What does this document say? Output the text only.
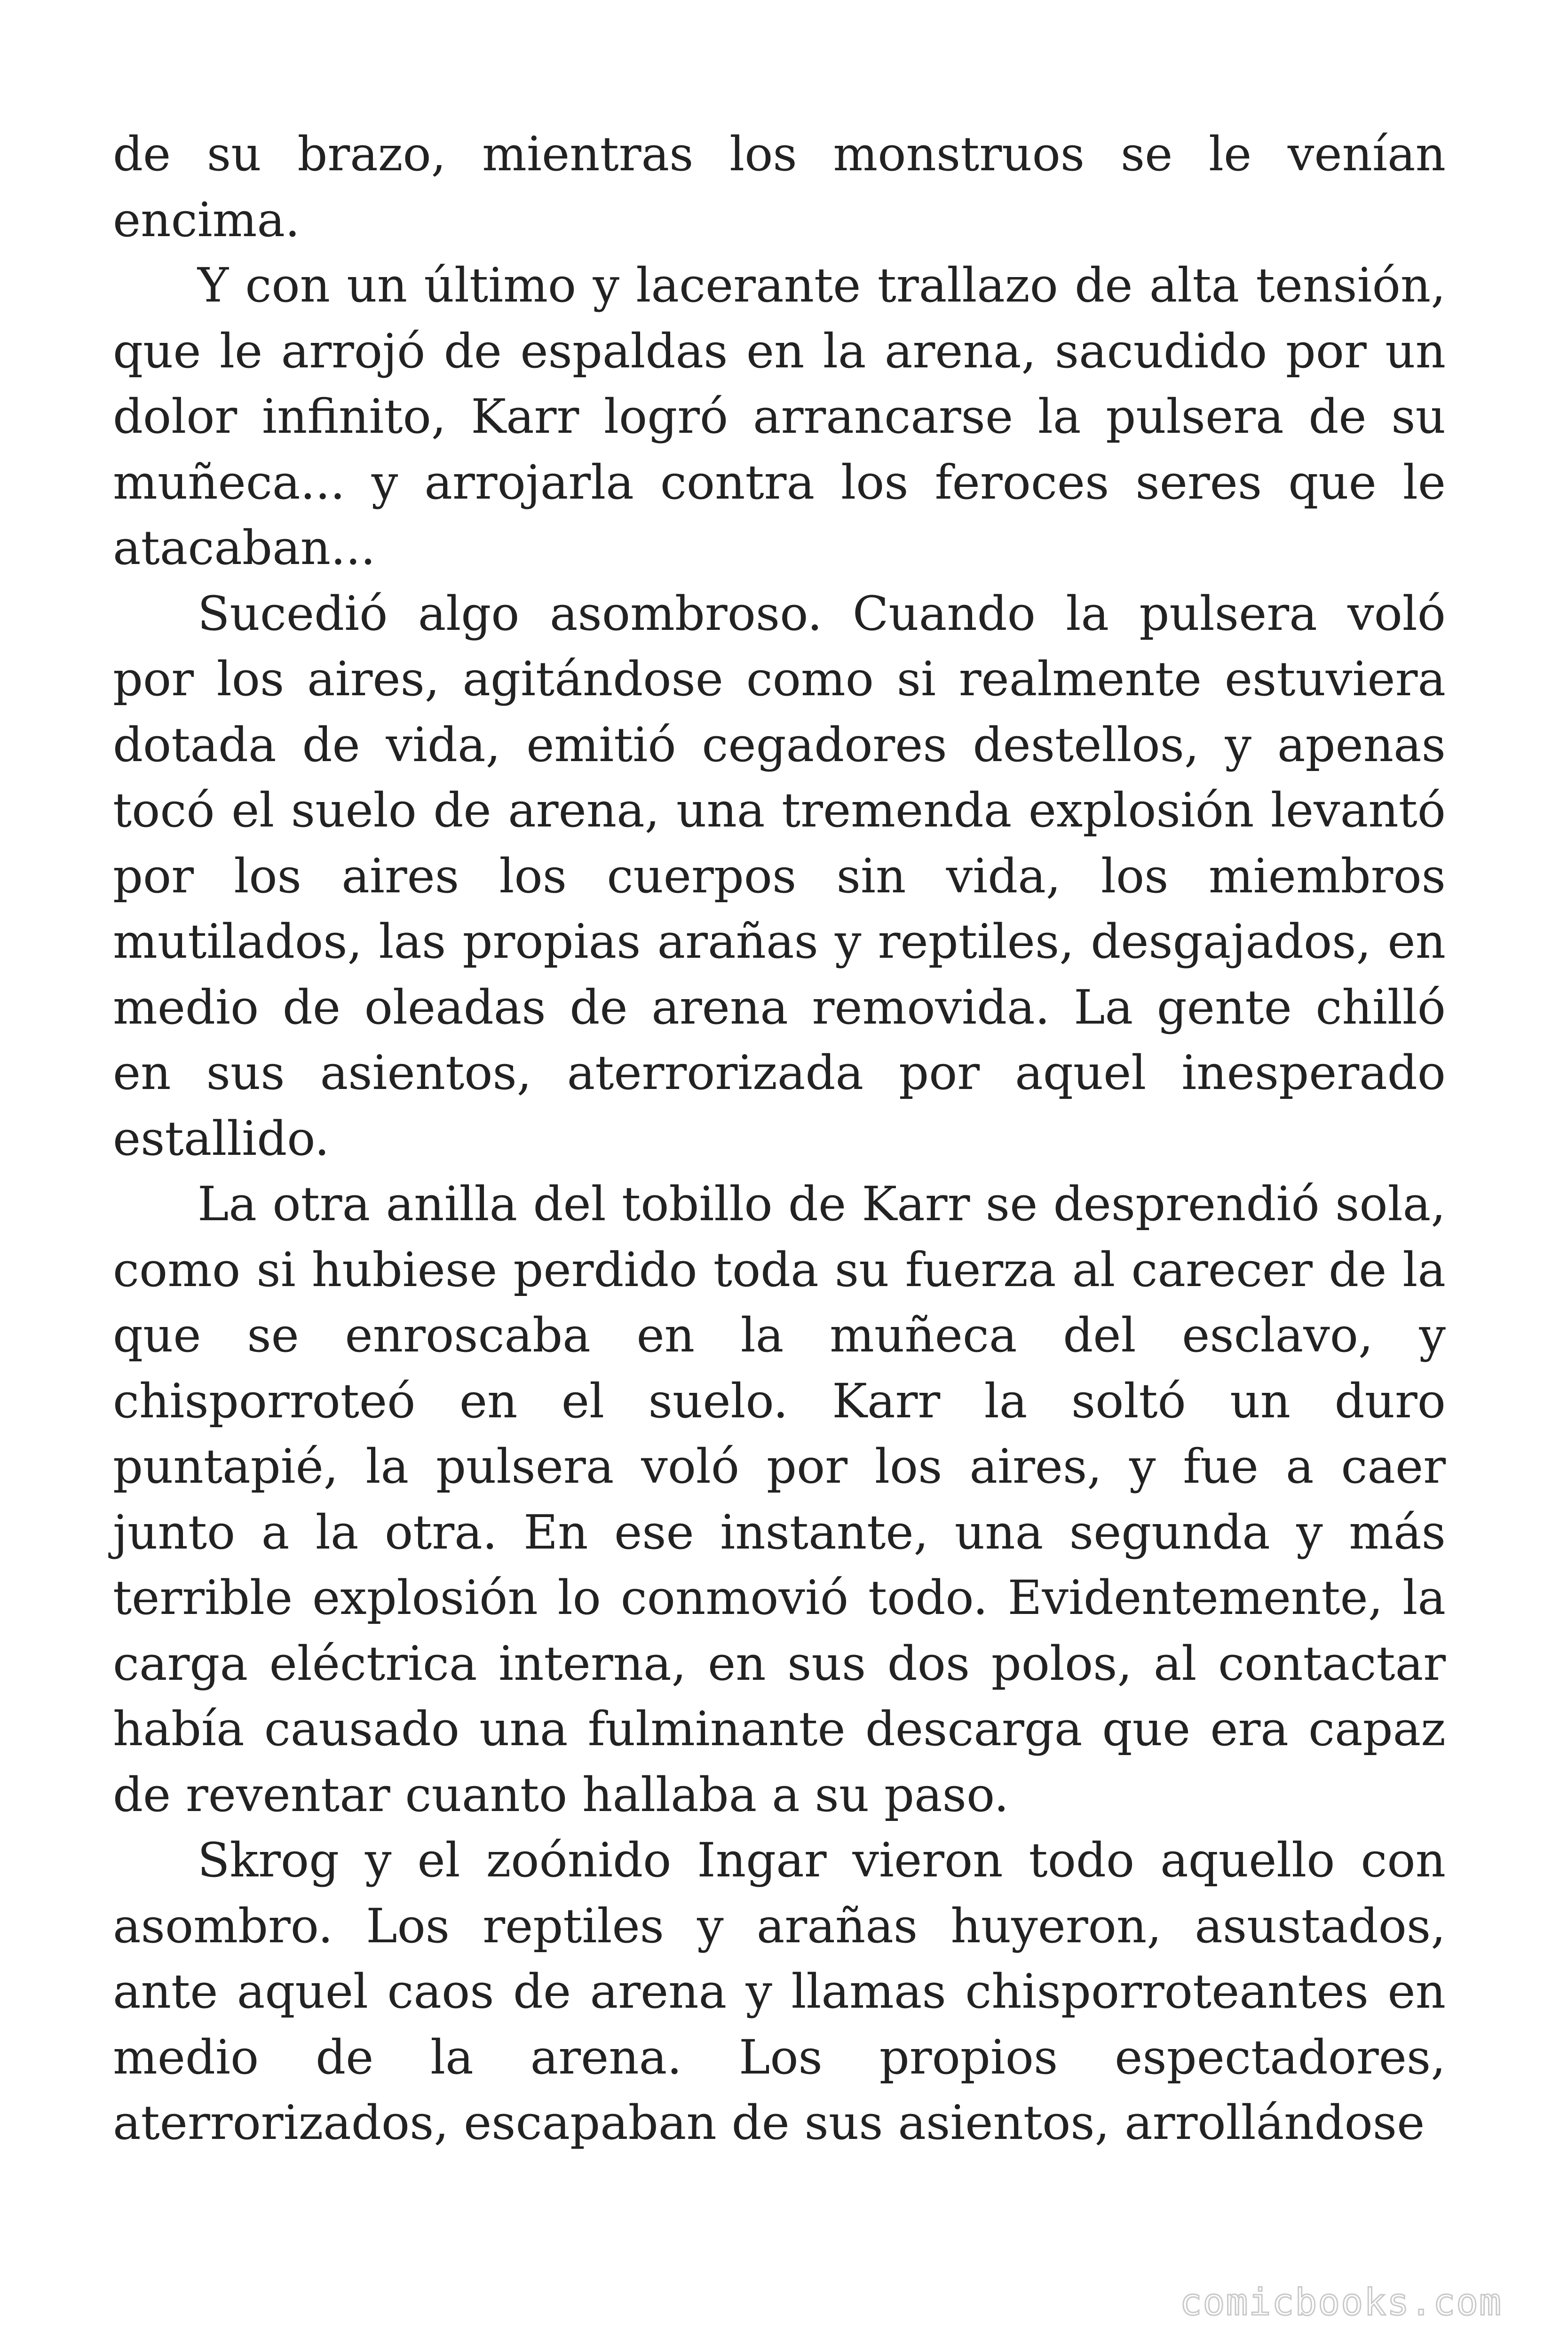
de su brazo, mientras los monstruos se le venían encima.

Y con un último y lacerante trallazo de alta tensión, que le arrojó de espaldas en la arena, sacudido por un dolor infinito, Karr logró arrancarse la pulsera de su muñeca... y arrojarla contra los feroces seres que le atacaban...

Sucedió algo asombroso. Cuando la pulsera voló por los aires, agitándose como si realmente estuviera dotada de vida, emitió cegadores destellos, y apenas tocó el suelo de arena, una tremenda explosión levantó por los aires los cuerpos sin vida, los miembros mutilados, las propias arañas y reptiles, desgajados, en medio de oleadas de arena removida. La gente chilló en sus asientos, aterrorizada por aquel inesperado estallido.

La otra anilla del tobillo de Karr se desprendió sola, como si hubiese perdido toda su fuerza al carecer de la que se enroscaba en la muñeca del esclavo, y chisporroteó en el suelo. Karr la soltó un duro puntapié, la pulsera voló por los aires, y fue a caer junto a la otra. En ese instante, una segunda y más terrible explosión lo conmovió todo. Evidentemente, la carga eléctrica interna, en sus dos polos, al contactar había causado una fulminante descarga que era capaz de reventar cuanto hallaba a su paso.

Skrog y el zoónido Ingar vieron todo aquello con asombro. Los reptiles y arañas huyeron, asustados, ante aquel caos de arena y llamas chisporroteantes en medio de la arena. Los propios espectadores, aterrorizados, escapaban de sus asientos, arrollándose

comicbooks.com
